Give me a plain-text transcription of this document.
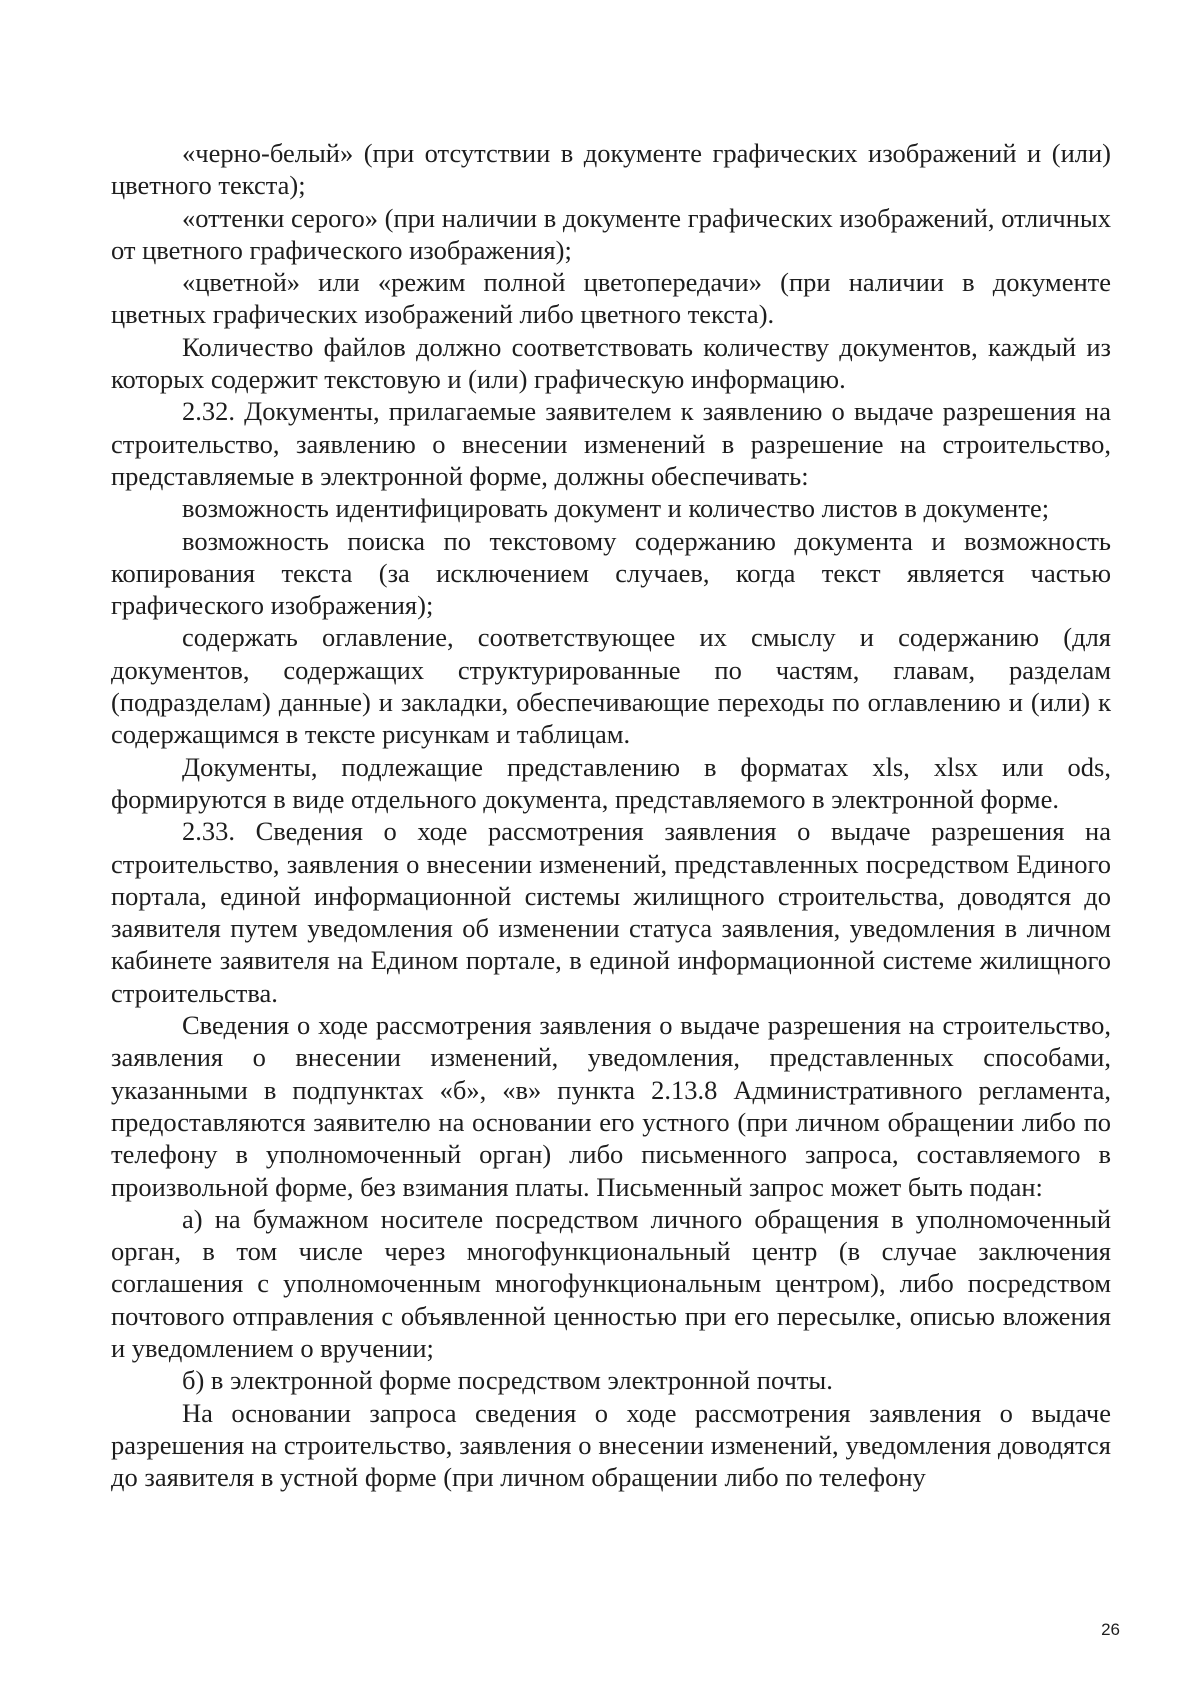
«черно-белый» (при отсутствии в документе графических изображений и (или) цветного текста);

«оттенки серого» (при наличии в документе графических изображений, отличных от цветного графического изображения);

«цветной» или «режим полной цветопередачи» (при наличии в документе цветных графических изображений либо цветного текста).

Количество файлов должно соответствовать количеству документов, каждый из которых содержит текстовую и (или) графическую информацию.

2.32. Документы, прилагаемые заявителем к заявлению о выдаче разрешения на строительство, заявлению о внесении изменений в разрешение на строительство, представляемые в электронной форме, должны обеспечивать:

возможность идентифицировать документ и количество листов в документе;

возможность поиска по текстовому содержанию документа и возможность копирования текста (за исключением случаев, когда текст является частью графического изображения);

содержать оглавление, соответствующее их смыслу и содержанию (для документов, содержащих структурированные по частям, главам, разделам (подразделам) данные) и закладки, обеспечивающие переходы по оглавлению и (или) к содержащимся в тексте рисункам и таблицам.

Документы, подлежащие представлению в форматах xls, xlsx или ods, формируются в виде отдельного документа, представляемого в электронной форме.

2.33. Сведения о ходе рассмотрения заявления о выдаче разрешения на строительство, заявления о внесении изменений, представленных посредством Единого портала, единой информационной системы жилищного строительства, доводятся до заявителя путем уведомления об изменении статуса заявления, уведомления в личном кабинете заявителя на Едином портале, в единой информационной системе жилищного строительства.

Сведения о ходе рассмотрения заявления о выдаче разрешения на строительство, заявления о внесении изменений, уведомления, представленных способами, указанными в подпунктах «б», «в» пункта 2.13.8 Административного регламента, предоставляются заявителю на основании его устного (при личном обращении либо по телефону в уполномоченный орган) либо письменного запроса, составляемого в произвольной форме, без взимания платы. Письменный запрос может быть подан:

а) на бумажном носителе посредством личного обращения в уполномоченный орган, в том числе через многофункциональный центр (в случае заключения соглашения с уполномоченным многофункциональным центром), либо посредством почтового отправления с объявленной ценностью при его пересылке, описью вложения и уведомлением о вручении;

б) в электронной форме посредством электронной почты.

На основании запроса сведения о ходе рассмотрения заявления о выдаче разрешения на строительство, заявления о внесении изменений, уведомления доводятся до заявителя в устной форме (при личном обращении либо по телефону

26
